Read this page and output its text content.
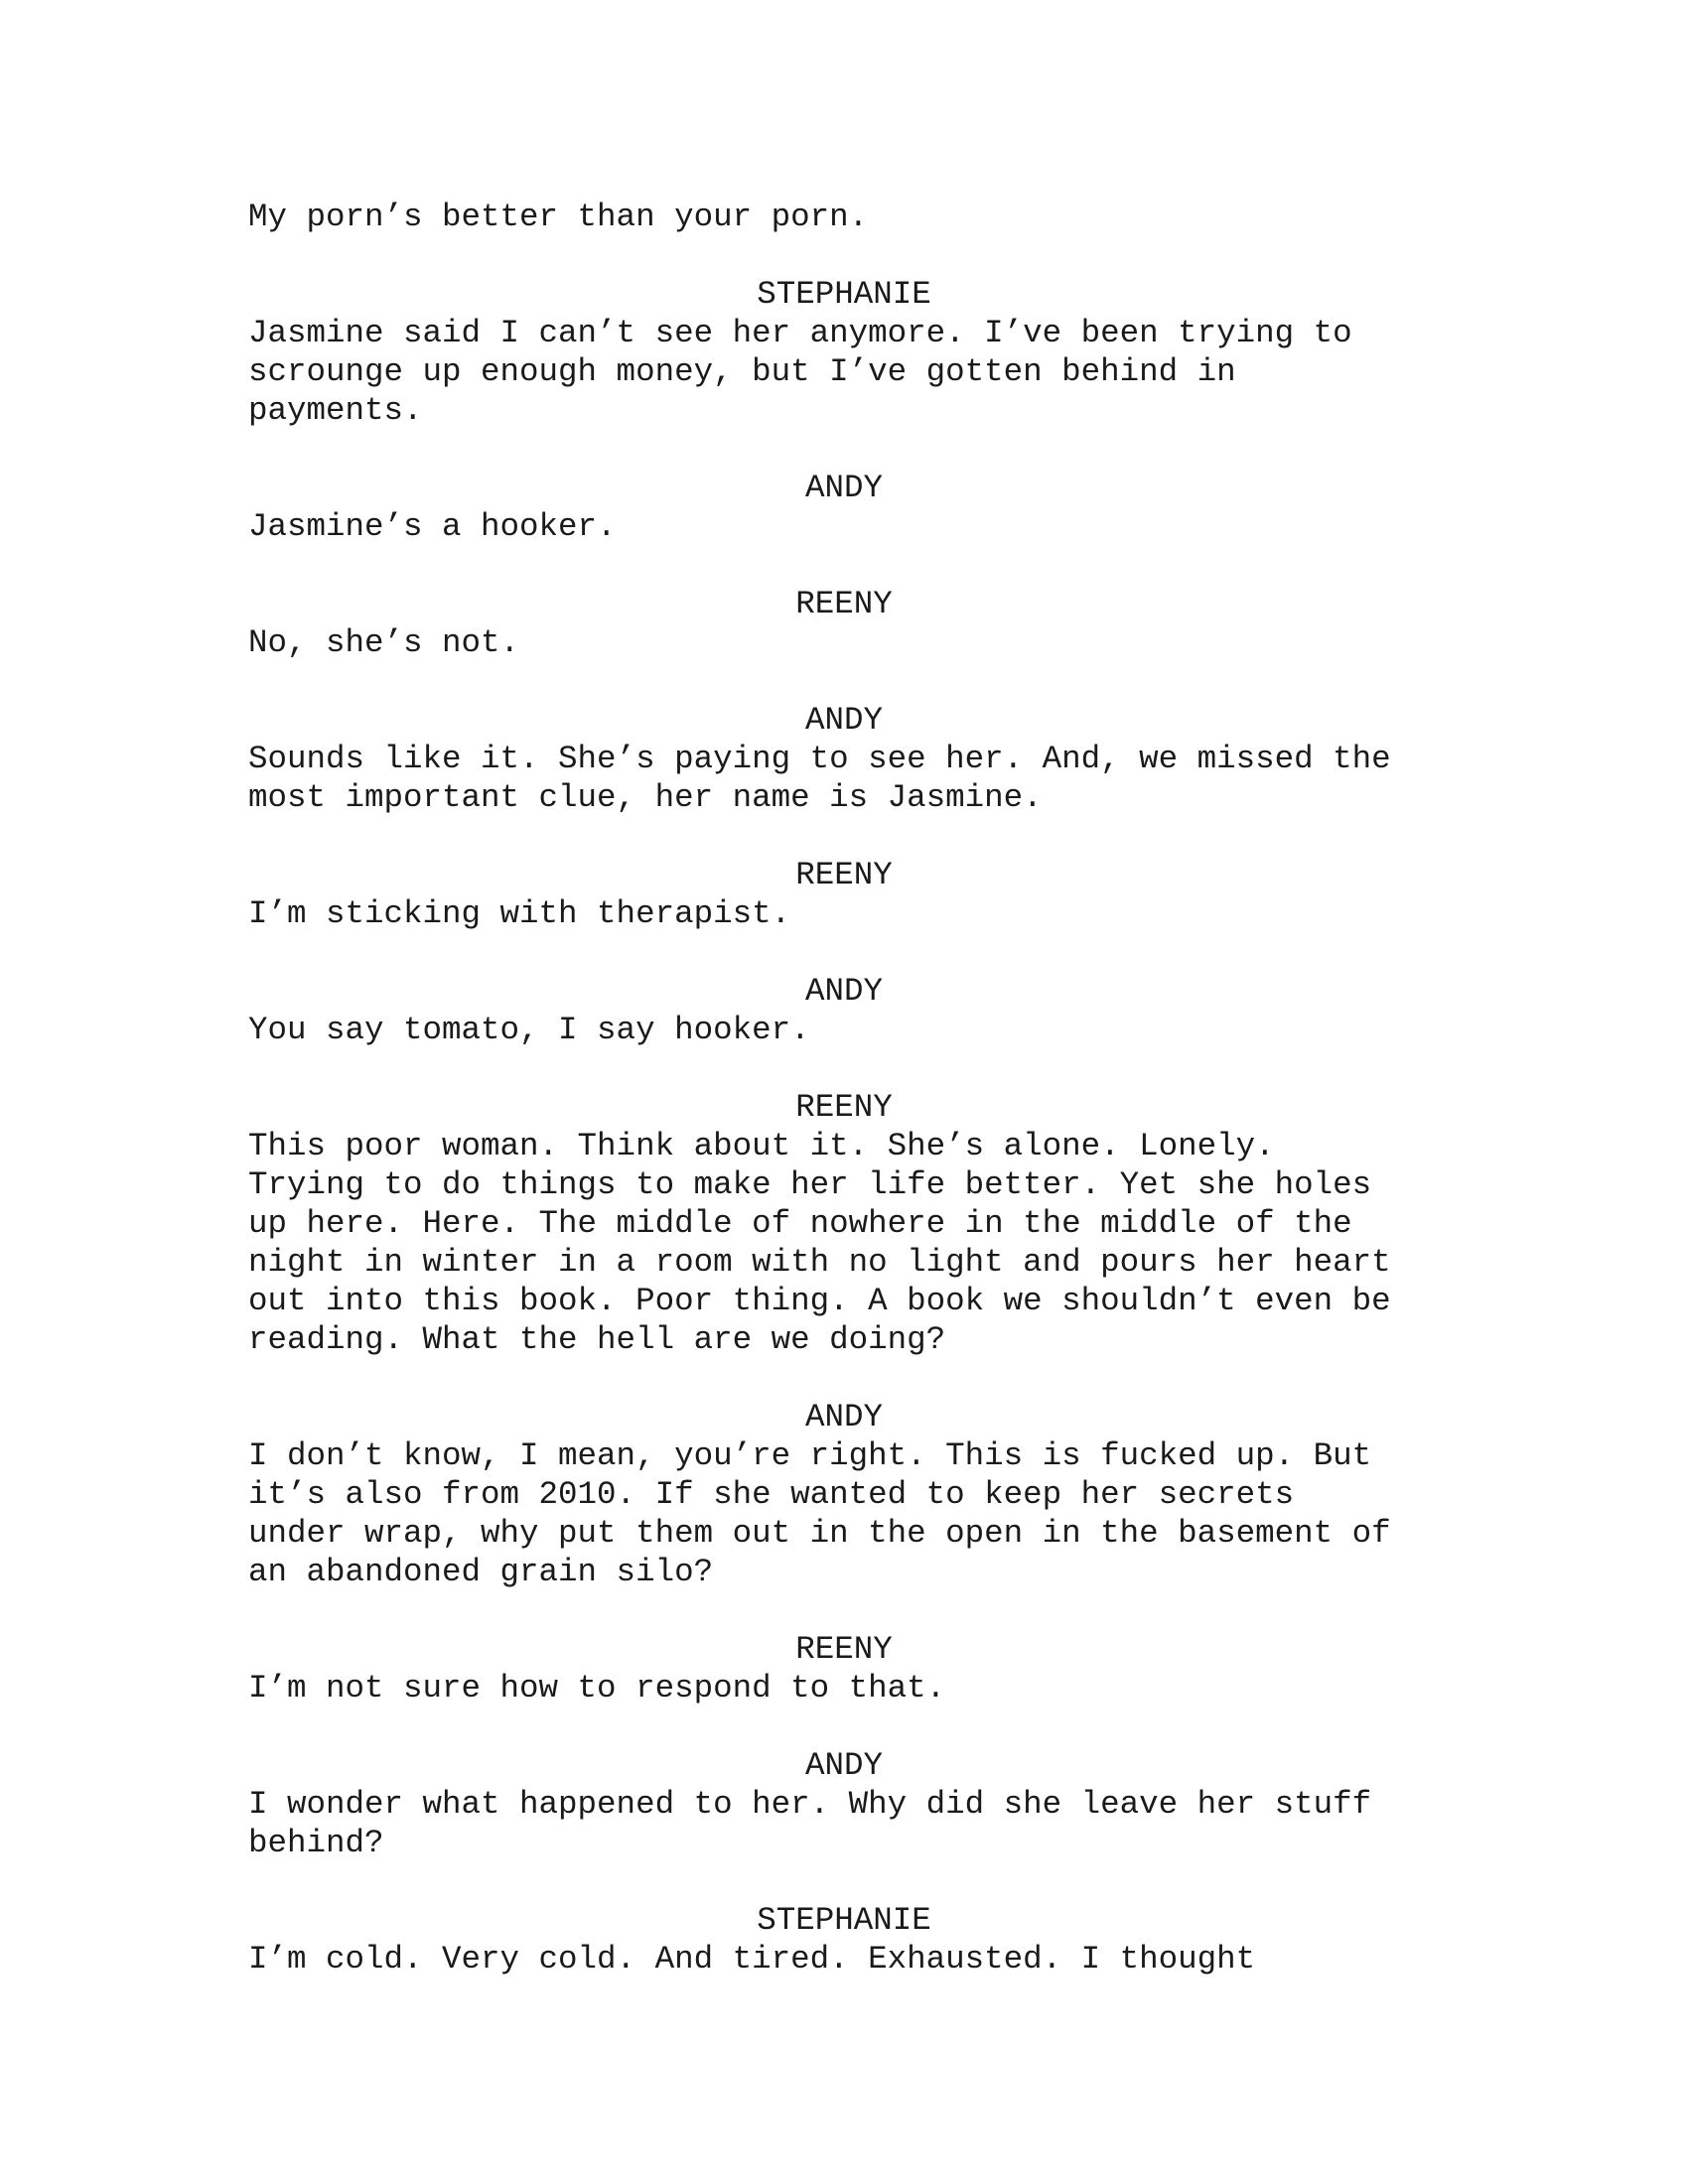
My porn’s better than your porn.
STEPHANIE
Jasmine said I can’t see her anymore. I’ve been trying to
scrounge up enough money, but I’ve gotten behind in
payments.
ANDY
Jasmine’s a hooker.
REENY
No, she’s not.
ANDY
Sounds like it. She’s paying to see her. And, we missed the
most important clue, her name is Jasmine.
REENY
I’m sticking with therapist.
ANDY
You say tomato, I say hooker.
REENY
This poor woman. Think about it. She’s alone. Lonely.
Trying to do things to make her life better. Yet she holes
up here. Here. The middle of nowhere in the middle of the
night in winter in a room with no light and pours her heart
out into this book. Poor thing. A book we shouldn’t even be
reading. What the hell are we doing?
ANDY
I don’t know, I mean, you’re right. This is fucked up. But
it’s also from 2010. If she wanted to keep her secrets
under wrap, why put them out in the open in the basement of
an abandoned grain silo?
REENY
I’m not sure how to respond to that.
ANDY
I wonder what happened to her. Why did she leave her stuff
behind?
STEPHANIE
I’m cold. Very cold. And tired. Exhausted. I thought
